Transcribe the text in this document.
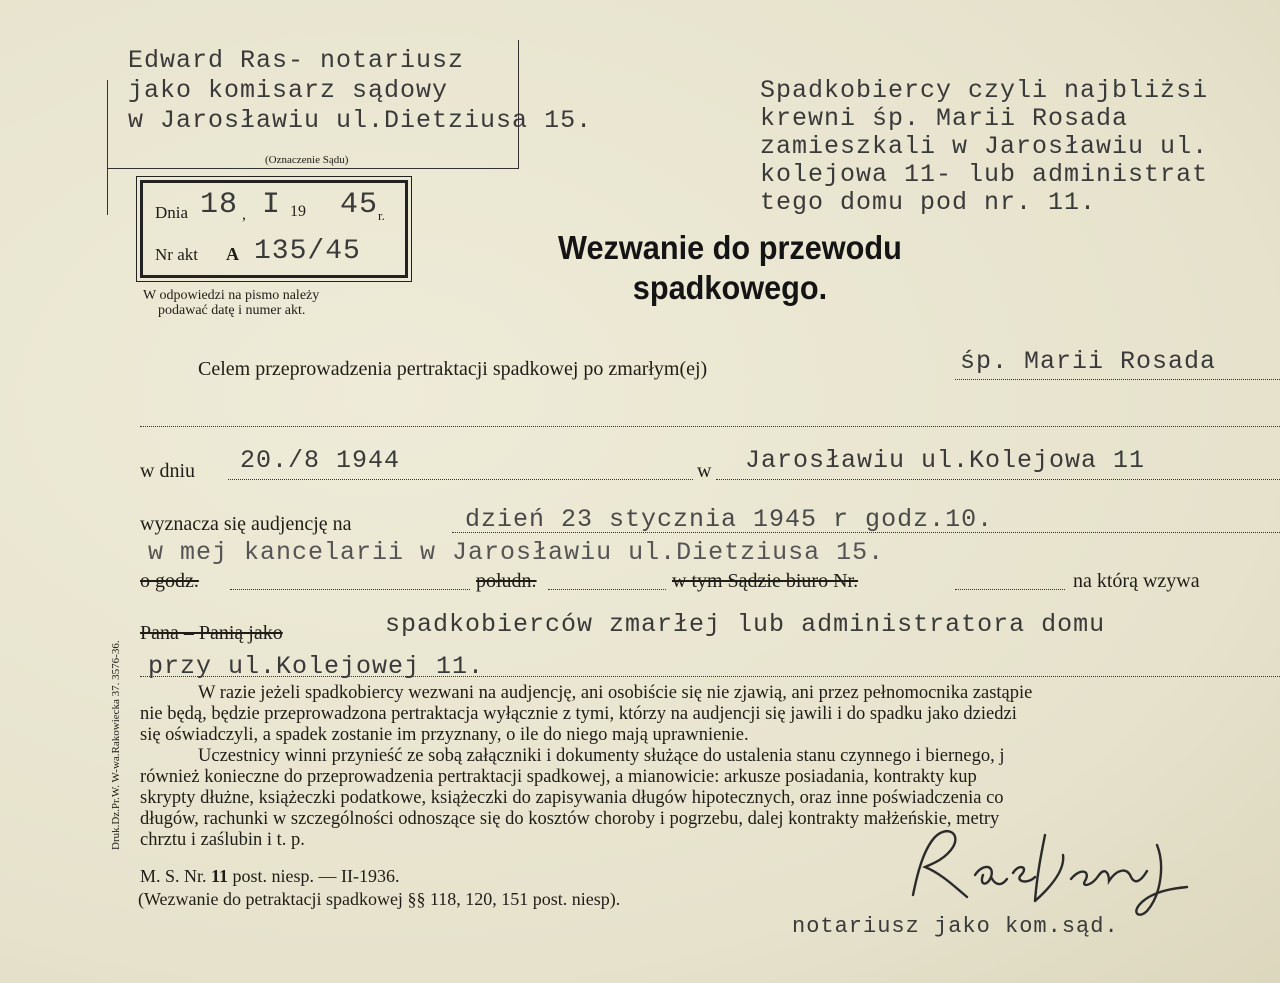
Edward Ras- notariusz
jako komisarz sądowy
w Jarosławiu ul.Dietziusa 15.
(Oznaczenie Sądu)
Spadkobiercy czyli najbliżsi
krewni śp. Marii Rosada
zamieszkali w Jarosławiu ul.
kolejowa 11- lub administrat
tego domu pod nr. 11.
Dnia 18 , I 19 45 r.
Nr akt A 135/45
W odpowiedzi na pismo należy
podawać datę i numer akt.
Wezwanie do przewodu
spadkowego.
Celem przeprowadzenia pertraktacji spadkowej po zmarłym(ej)	śp. Marii Rosada
w dniu 20./8 1944	w Jarosławiu ul.Kolejowa 11
wyznacza się audjencję na	dzień 23 stycznia 1945 r godz.10.
w mej kancelarii w Jarosławiu ul.Dietziusa 15.
o godz.	połudn.	w tym Sądzie biuro Nr.	na którą wzywa
Pana – Panią jako	spadkobierców zmarłej lub administratora domu
przy ul.Kolejowej 11.
W razie jeżeli spadkobiercy wezwani na audjencję, ani osobiście się nie zjawią, ani przez pełnomocnika zastąpie
nie będą, będzie przeprowadzona pertraktacja wyłącznie z tymi, którzy na audjencji się jawili i do spadku jako dziedzi
się oświadczyli, a spadek zostanie im przyznany, o ile do niego mają uprawnienie.
Uczestnicy winni przynieść ze sobą załączniki i dokumenty służące do ustalenia stanu czynnego i biernego, j
również konieczne do przeprowadzenia pertraktacji spadkowej, a mianowicie: arkusze posiadania, kontrakty kup
skrypty dłużne, książeczki podatkowe, książeczki do zapisywania długów hipotecznych, oraz inne poświadczenia co
długów, rachunki w szczególności odnoszące się do kosztów choroby i pogrzebu, dalej kontrakty małżeńskie, metry
chrztu i zaślubin i t. p.
Druk.Dz.Pr.W. W-wa.Rakowiecka 37. 3576-36.
M. S. Nr. 11 post. niesp. — II-1936.
(Wezwanie do petraktacji spadkowej §§ 118, 120, 151 post. niesp).
notariusz jako kom.sąd.
